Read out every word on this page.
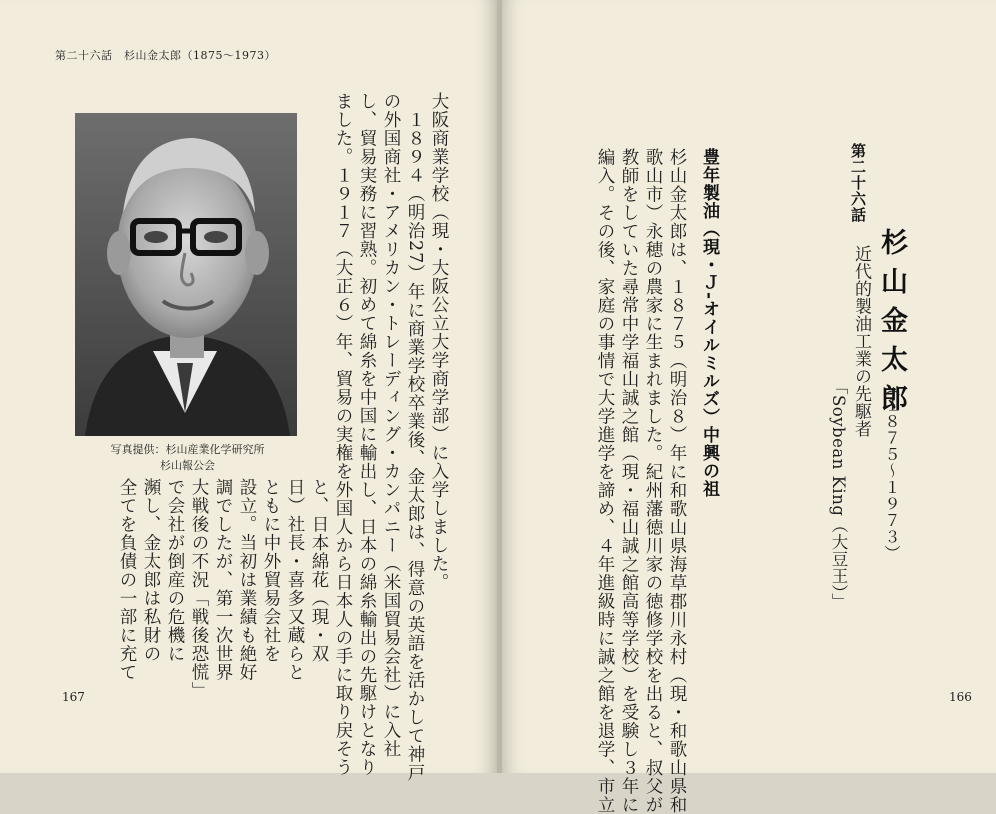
第二十六話　杉山金太郎（1875〜1973）
写真提供：杉山産業化学研究所
杉山報公会	大阪商業学校（現・大阪公立大学商学部）に入学しました。
　１８９４（明治27）年に商業学校卒業後、金太郎は、得意の英語を活かして神戸
の外国商社・アメリカン・トレーディング・カンパニー（米国貿易会社）に入社
し、貿易実務に習熟。初めて綿糸を中国に輸出し、日本の綿糸輸出の先駆けとなり
ました。１９１７（大正６）年、貿易の実権を外国人から日本人の手に取り戻そう
と、日本綿花（現・双
日）社長・喜多又蔵らと
ともに中外貿易会社を
設立。当初は業績も絶好
調でしたが、第一次世界
大戦後の不況「戦後恐慌」
で会社が倒産の危機に
瀕し、金太郎は私財の
全てを負債の一部に充て
167
第二十六話
杉山金太郎
近代的製油工業の先駆者
（１８７５〜１９７３）
「Soybean King（大豆王）」
豊年製油（現・Ｊ-オイルミルズ）中興の祖
杉山金太郎は、１８７５（明治８）年に和歌山県海草郡川永村（現・和歌山県和
歌山市）永穂の農家に生まれました。紀州藩徳川家の徳修学校を出ると、叔父が
教師をしていた尋常中学福山誠之館（現・福山誠之館高等学校）を受験し３年に
編入。その後、家庭の事情で大学進学を諦め、４年進級時に誠之館を退学、市立	166
